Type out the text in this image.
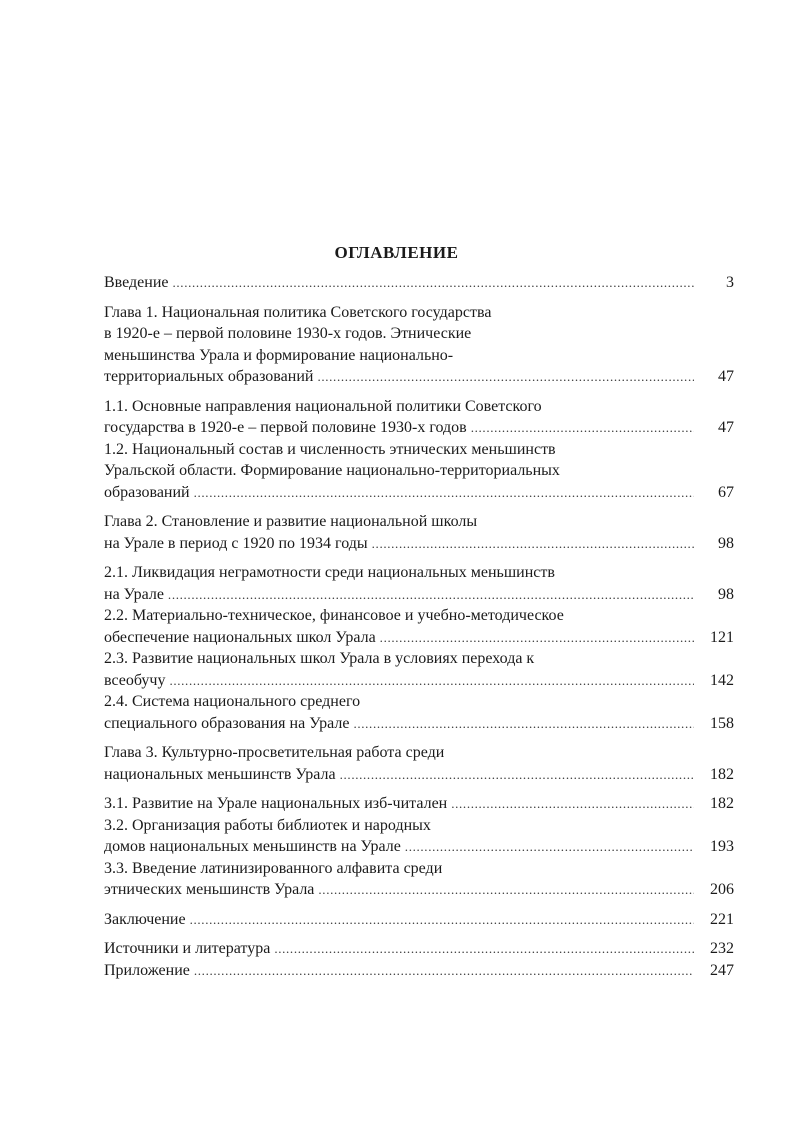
ОГЛАВЛЕНИЕ
Введение . . .	3
Глава 1. Национальная политика Советского государства
в 1920-е – первой половине 1930-х годов. Этнические
меньшинства Урала и формирование национально-
территориальных образований . . .	47
1.1. Основные направления национальной политики Советского
государства в 1920-е – первой половине 1930-х годов . . .	47
1.2. Национальный состав и численность этнических меньшинств
Уральской области. Формирование национально-территориальных
образований . . .	67
Глава 2. Становление и развитие национальной школы
на Урале в период с 1920 по 1934 годы . . .	98
2.1. Ликвидация неграмотности среди национальных меньшинств
на Урале . . .	98
2.2. Материально-техническое, финансовое и учебно-методическое
обеспечение национальных школ Урала . . .	121
2.3. Развитие национальных школ Урала в условиях перехода к
всеобучу . . .	142
2.4. Система национального среднего
специального образования на Урале . . .	158
Глава 3. Культурно-просветительная работа среди
национальных меньшинств Урала . . .	182
3.1. Развитие на Урале национальных изб-читален . . .	182
3.2. Организация работы библиотек и народных
домов национальных меньшинств на Урале . . .	193
3.3. Введение латинизированного алфавита среди
этнических меньшинств Урала . . .	206
Заключение . . .	221
Источники и литература . . .	232
Приложение . . .	247
